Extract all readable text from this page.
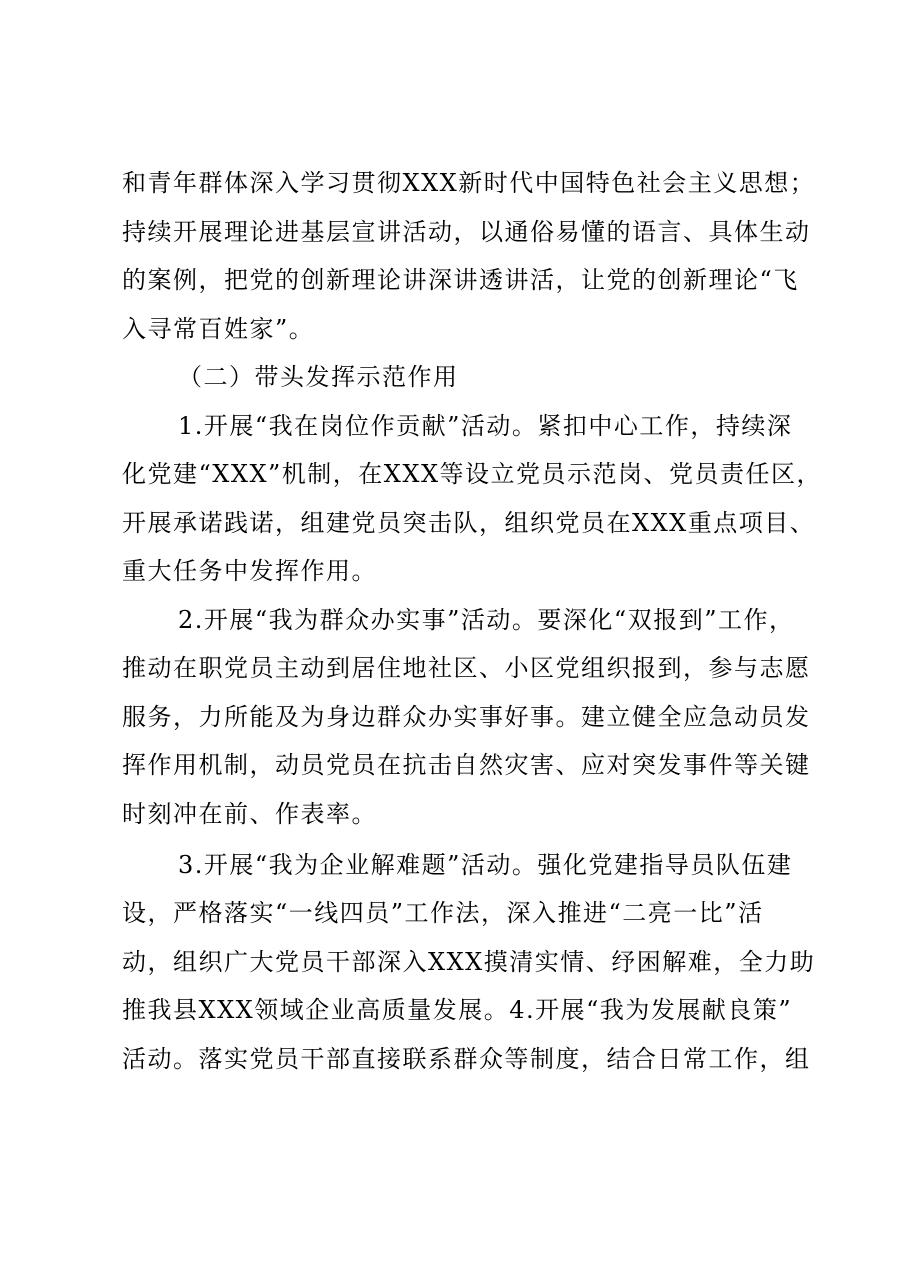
和青年群体深入学习贯彻XXX新时代中国特色社会主义思想；
持续开展理论进基层宣讲活动，以通俗易懂的语言、具体生动
的案例，把党的创新理论讲深讲透讲活，让党的创新理论“飞
入寻常百姓家”。
（二）带头发挥示范作用
1.开展“我在岗位作贡献”活动。紧扣中心工作，持续深
化党建“XXX”机制，在XXX等设立党员示范岗、党员责任区，
开展承诺践诺，组建党员突击队，组织党员在XXX重点项目、
重大任务中发挥作用。
2.开展“我为群众办实事”活动。要深化“双报到”工作，
推动在职党员主动到居住地社区、小区党组织报到，参与志愿
服务，力所能及为身边群众办实事好事。建立健全应急动员发
挥作用机制，动员党员在抗击自然灾害、应对突发事件等关键
时刻冲在前、作表率。
3.开展“我为企业解难题”活动。强化党建指导员队伍建
设，严格落实“一线四员”工作法，深入推进“二亮一比”活
动，组织广大党员干部深入XXX摸清实情、纾困解难，全力助
推我县XXX领域企业高质量发展。4.开展“我为发展献良策”
活动。落实党员干部直接联系群众等制度，结合日常工作，组
